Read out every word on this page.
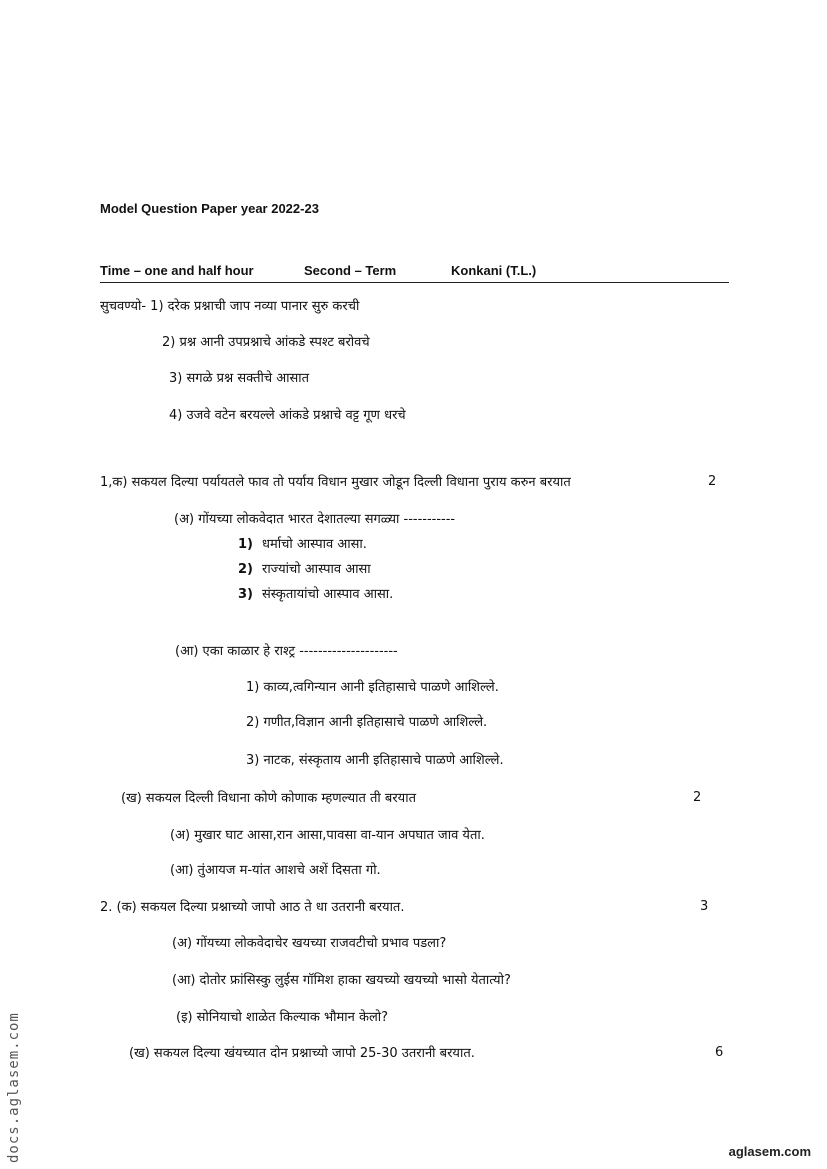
Model Question Paper year 2022-23
Time – one and half hour	Second – Term	Konkani (T.L.)
सुचवण्यो- 1) दरेक प्रश्नाची जाप नव्या पानार सुरु करची
2) प्रश्न आनी उपप्रश्नाचे आंकडे स्पश्ट बरोवचे
3) सगळे प्रश्न सक्तीचे आसात
4) उजवे वटेन बरयल्ले आंकडे प्रश्नाचे वट्ट गूण धरचे
1,क) सकयल दिल्या पर्यायतले फाव तो पर्याय विधान मुखार जोडून दिल्ली विधाना पुराय करुन बरयात	2
(अ) गोंयच्या लोकवेदात भारत देशातल्या सगळ्या -----------
1) धर्माचो आस्पाव आसा.
2) राज्यांचो आस्पाव आसा
3) संस्कृतायांचो आस्पाव आसा.
(आ) एका काळार हे राश्ट्र ---------------------
1) काव्य,त्वगिन्यान आनी इतिहासाचे पाळणे आशिल्ले.
2) गणीत,विज्ञान आनी इतिहासाचे पाळणे आशिल्ले.
3) नाटक, संस्कृताय आनी इतिहासाचे पाळणे आशिल्ले.
(ख) सकयल दिल्ली विधाना कोणे कोणाक म्हणल्यात ती बरयात	2
(अ) मुखार घाट आसा,रान आसा,पावसा वा-यान अपघात जाव येता.
(आ) तुंआयज म-यांत आशचे अशें दिसता गो.
2. (क) सकयल दिल्या प्रश्नाच्यो जापो आठ ते धा उतरानी बरयात.	3
(अ) गोंयच्या लोकवेदाचेर खयच्या राजवटीचो प्रभाव पडला?
(आ) दोतोर फ्रांसिस्कु लुईस गॉमिश हाका खयच्यो खयच्यो भासो येतात्यो?
(इ) सोनियाचो शाळेत किल्याक भौमान केलो?
(ख) सकयल दिल्या खंयच्यात दोन प्रश्नाच्यो जापो 25-30 उतरानी बरयात.	6
docs.aglasem.com	aglasem.com
